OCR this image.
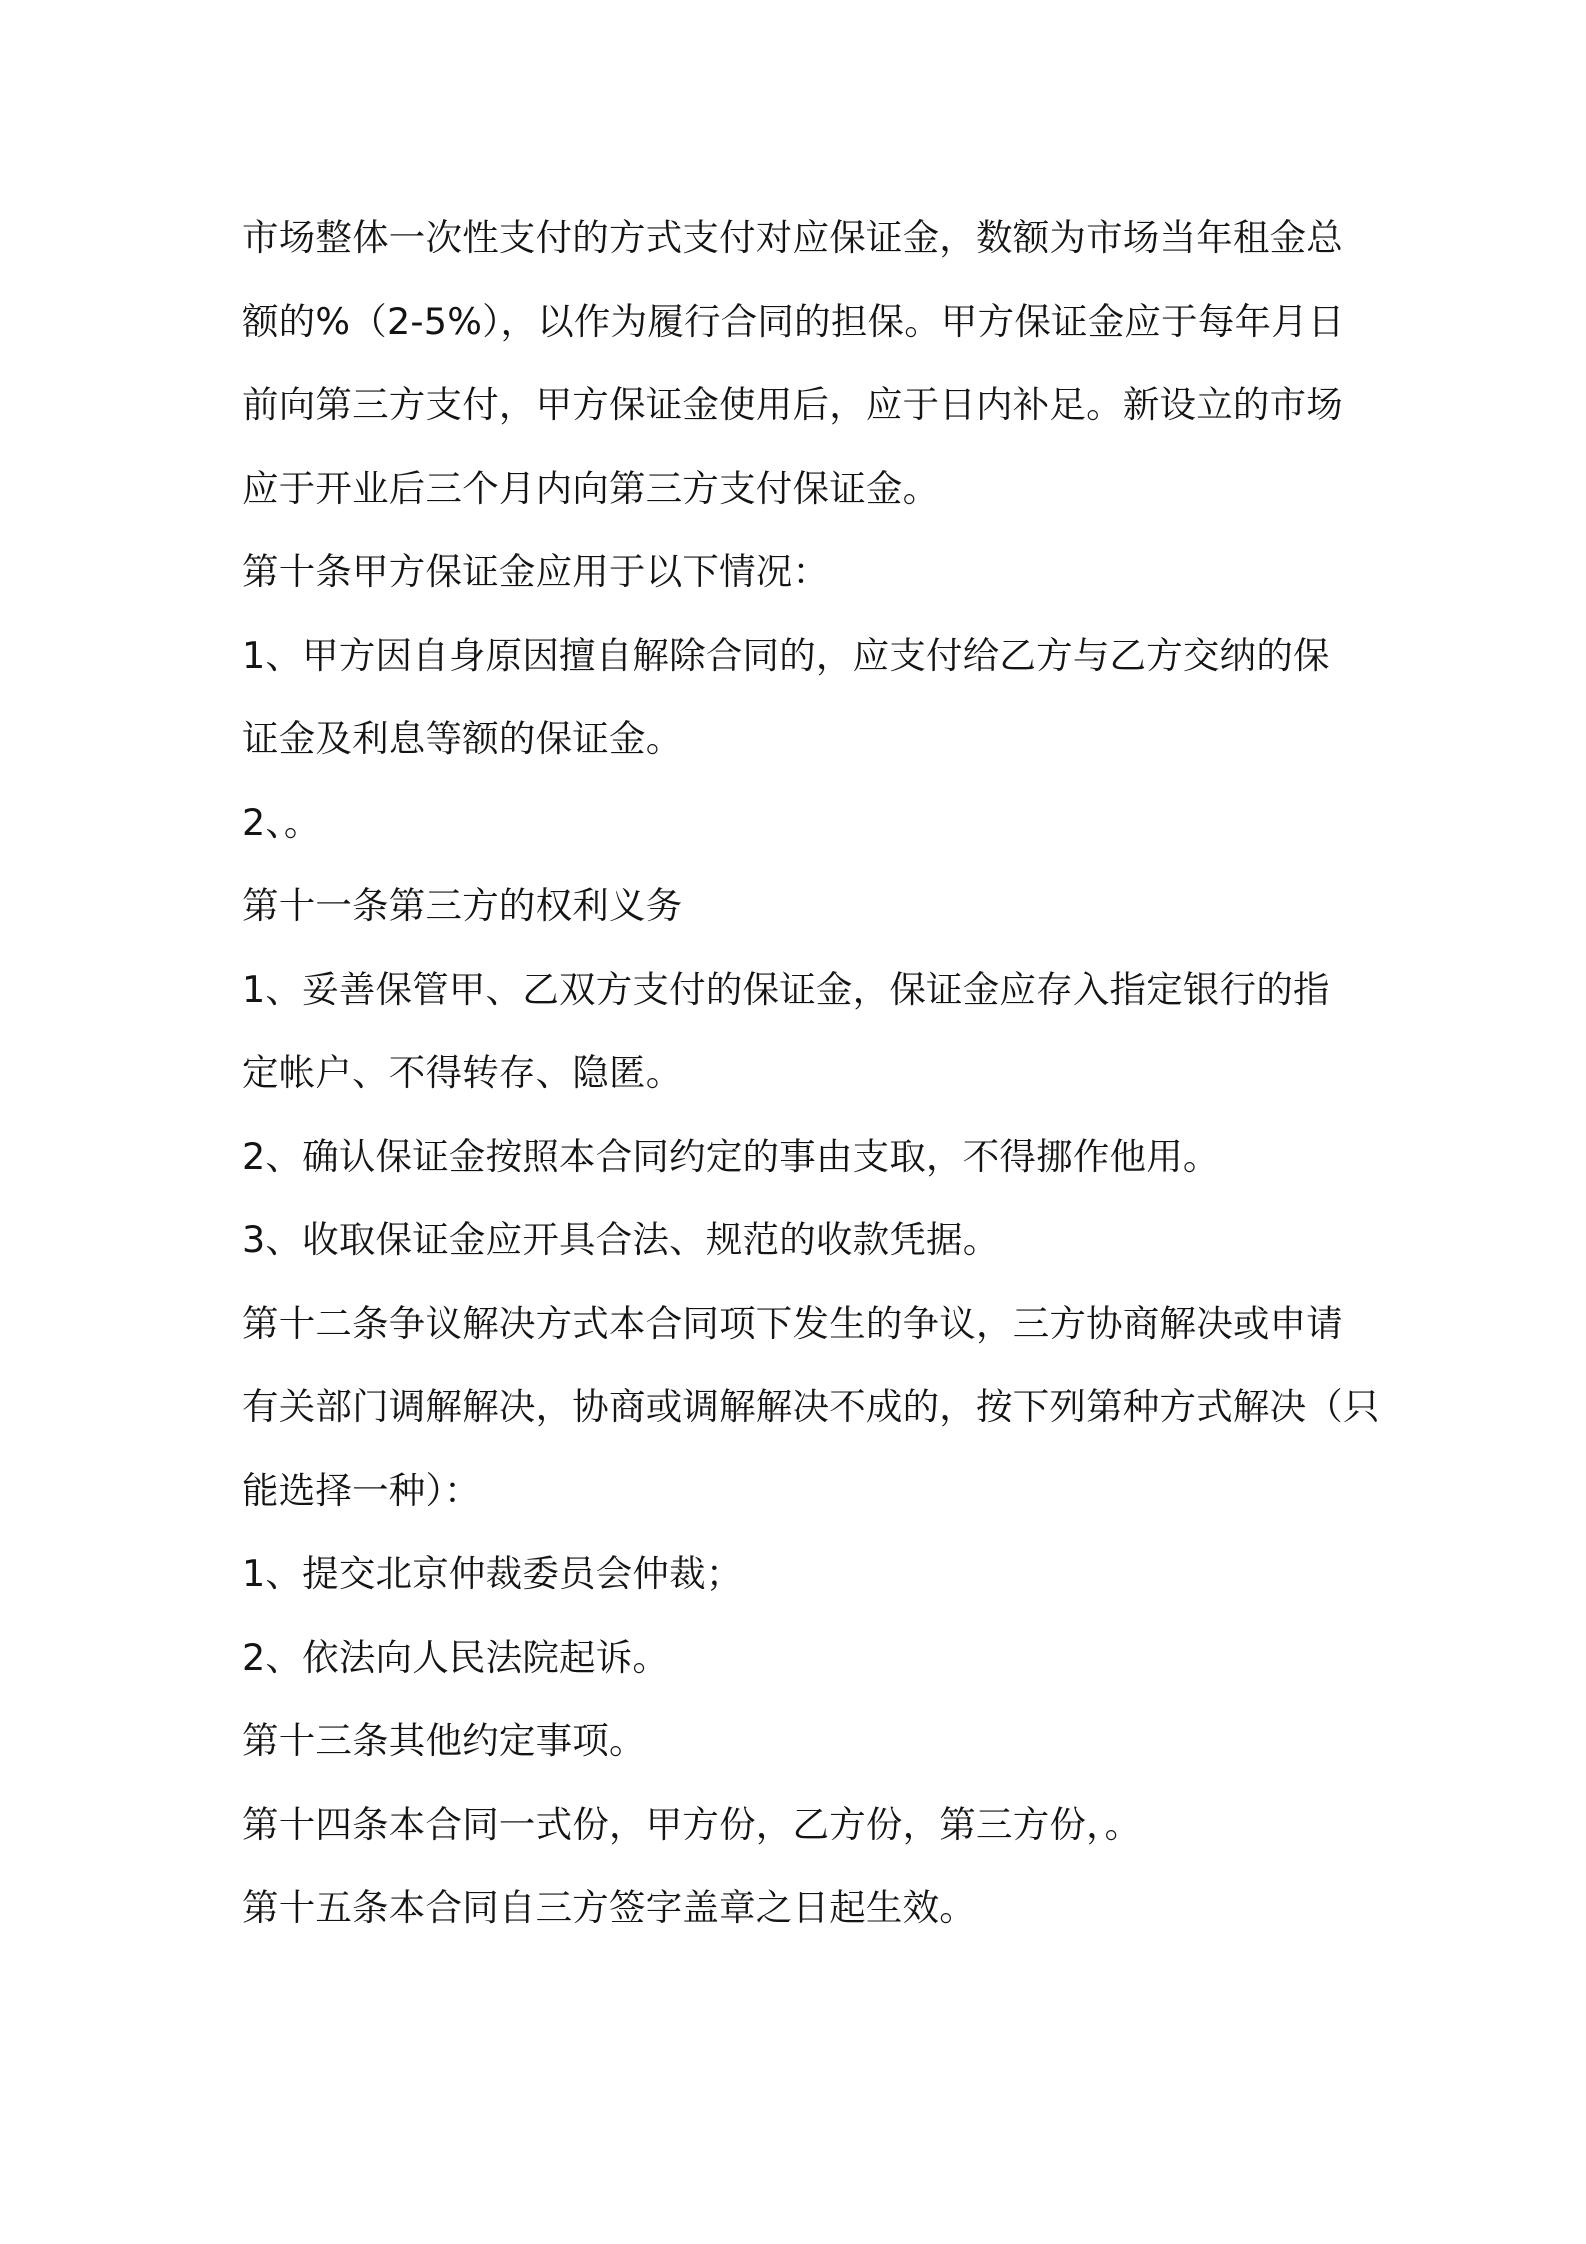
市场整体一次性支付的方式支付对应保证金，数额为市场当年租金总
额的%（2-5%），以作为履行合同的担保。甲方保证金应于每年月日
前向第三方支付，甲方保证金使用后，应于日内补足。新设立的市场
应于开业后三个月内向第三方支付保证金。
第十条甲方保证金应用于以下情况：
1、甲方因自身原因擅自解除合同的，应支付给乙方与乙方交纳的保
证金及利息等额的保证金。
2、。
第十一条第三方的权利义务
1、妥善保管甲、乙双方支付的保证金，保证金应存入指定银行的指
定帐户、不得转存、隐匿。
2、确认保证金按照本合同约定的事由支取，不得挪作他用。
3、收取保证金应开具合法、规范的收款凭据。
第十二条争议解决方式本合同项下发生的争议，三方协商解决或申请
有关部门调解解决，协商或调解解决不成的，按下列第种方式解决（只
能选择一种）：
1、提交北京仲裁委员会仲裁；
2、依法向人民法院起诉。
第十三条其他约定事项。
第十四条本合同一式份，甲方份，乙方份，第三方份，。
第十五条本合同自三方签字盖章之日起生效。
